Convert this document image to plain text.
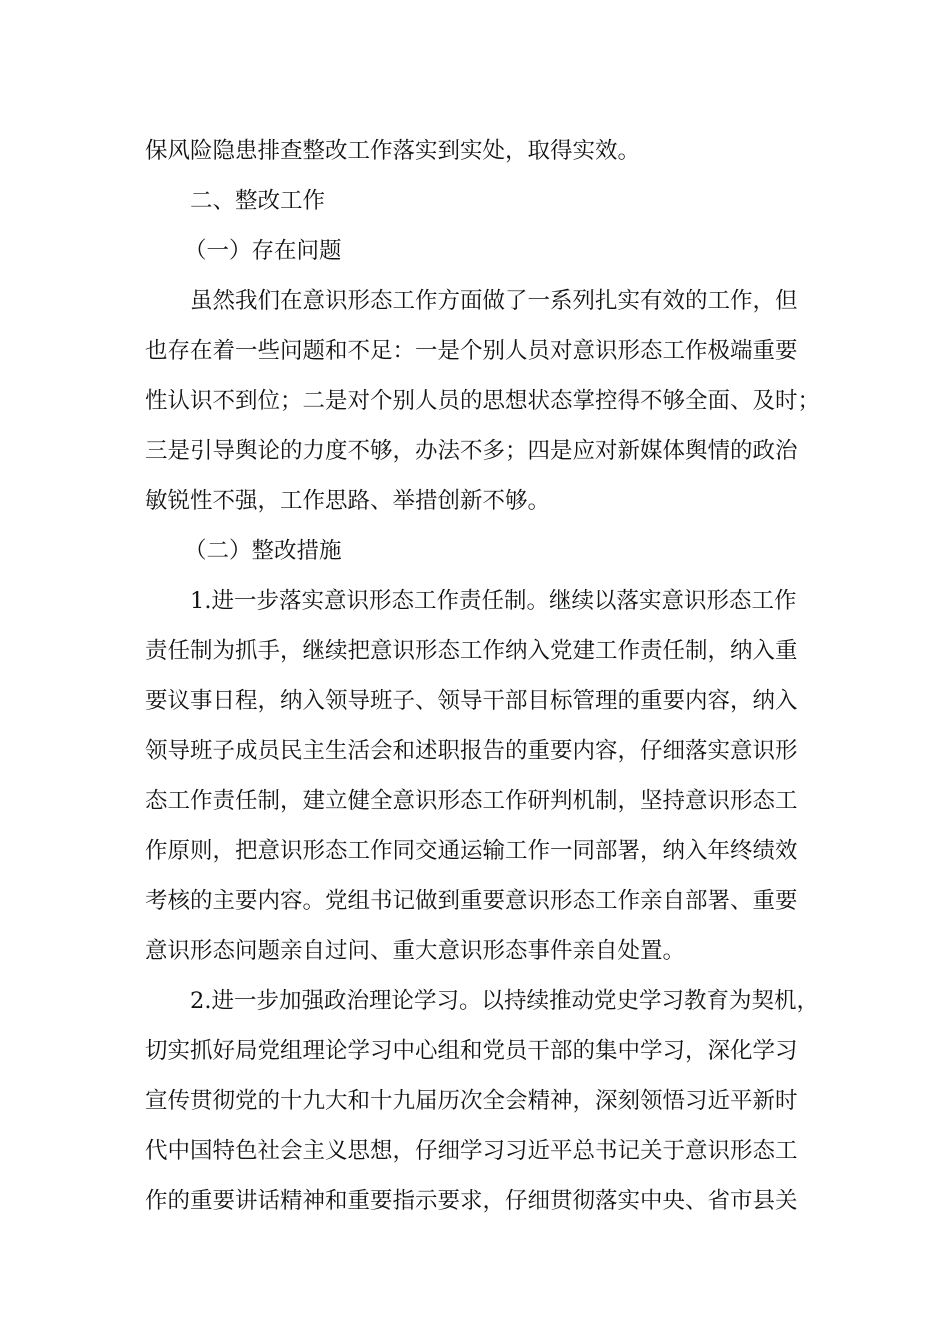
保风险隐患排查整改工作落实到实处，取得实效。
二、整改工作
（一）存在问题
虽然我们在意识形态工作方面做了一系列扎实有效的工作，但
也存在着一些问题和不足：一是个别人员对意识形态工作极端重要
性认识不到位；二是对个别人员的思想状态掌控得不够全面、及时；
三是引导舆论的力度不够，办法不多；四是应对新媒体舆情的政治
敏锐性不强，工作思路、举措创新不够。
（二）整改措施
1.进一步落实意识形态工作责任制。继续以落实意识形态工作
责任制为抓手，继续把意识形态工作纳入党建工作责任制，纳入重
要议事日程，纳入领导班子、领导干部目标管理的重要内容，纳入
领导班子成员民主生活会和述职报告的重要内容，仔细落实意识形
态工作责任制，建立健全意识形态工作研判机制，坚持意识形态工
作原则，把意识形态工作同交通运输工作一同部署，纳入年终绩效
考核的主要内容。党组书记做到重要意识形态工作亲自部署、重要
意识形态问题亲自过问、重大意识形态事件亲自处置。
2.进一步加强政治理论学习。以持续推动党史学习教育为契机，
切实抓好局党组理论学习中心组和党员干部的集中学习，深化学习
宣传贯彻党的十九大和十九届历次全会精神，深刻领悟习近平新时
代中国特色社会主义思想，仔细学习习近平总书记关于意识形态工
作的重要讲话精神和重要指示要求，仔细贯彻落实中央、省市县关
